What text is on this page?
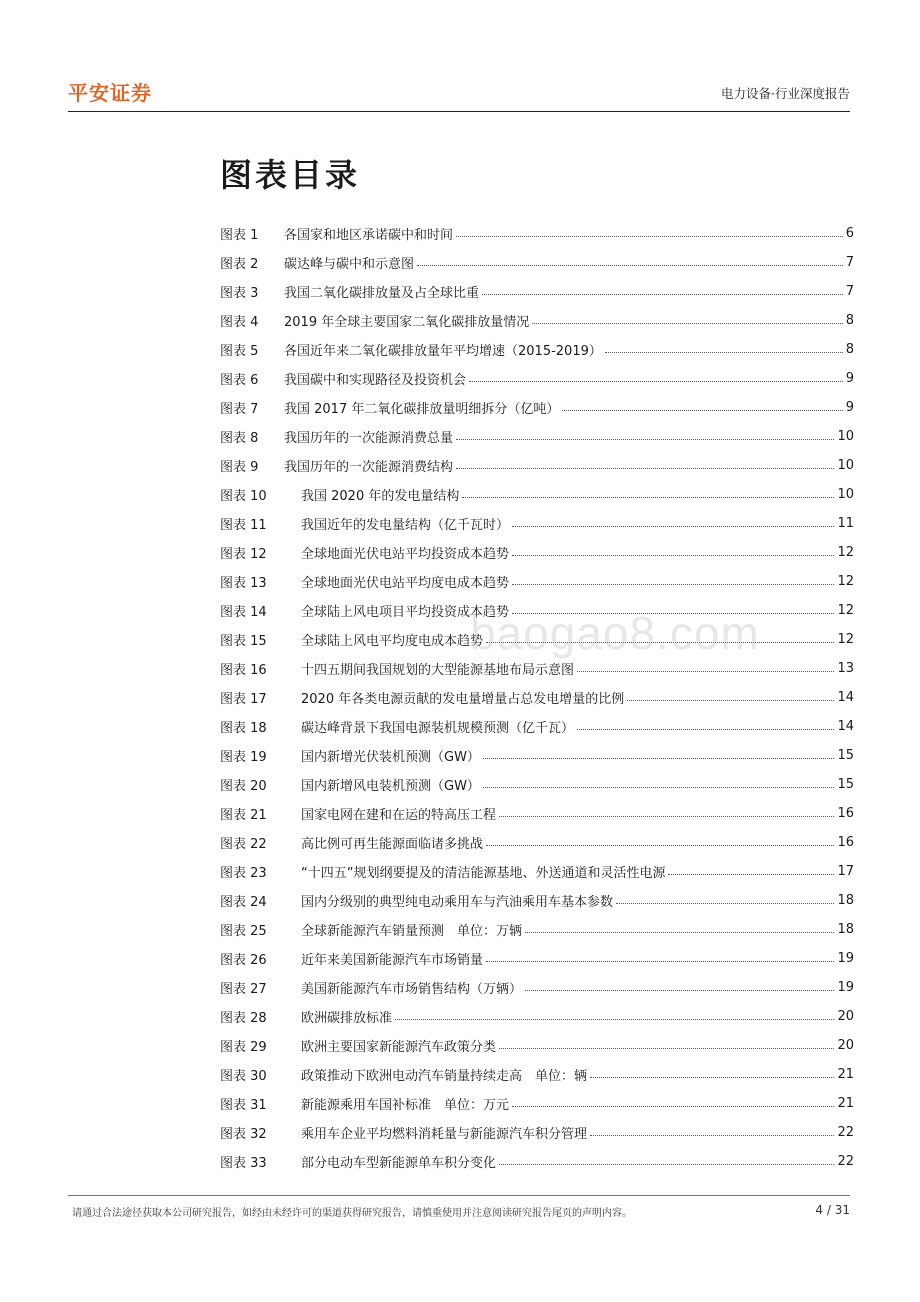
平安证券	电力设备·行业深度报告
图表目录
图表 1	各国家和地区承诺碳中和时间	6
图表 2	碳达峰与碳中和示意图	7
图表 3	我国二氧化碳排放量及占全球比重	7
图表 4	2019 年全球主要国家二氧化碳排放量情况	8
图表 5	各国近年来二氧化碳排放量年平均增速（2015-2019）	8
图表 6	我国碳中和实现路径及投资机会	9
图表 7	我国 2017 年二氧化碳排放量明细拆分（亿吨）	9
图表 8	我国历年的一次能源消费总量	10
图表 9	我国历年的一次能源消费结构	10
图表 10	我国 2020 年的发电量结构	10
图表 11	我国近年的发电量结构（亿千瓦时）	11
图表 12	全球地面光伏电站平均投资成本趋势	12
图表 13	全球地面光伏电站平均度电成本趋势	12
图表 14	全球陆上风电项目平均投资成本趋势	12
图表 15	全球陆上风电平均度电成本趋势	12
图表 16	十四五期间我国规划的大型能源基地布局示意图	13
图表 17	2020 年各类电源贡献的发电量增量占总发电增量的比例	14
图表 18	碳达峰背景下我国电源装机规模预测（亿千瓦）	14
图表 19	国内新增光伏装机预测（GW）	15
图表 20	国内新增风电装机预测（GW）	15
图表 21	国家电网在建和在运的特高压工程	16
图表 22	高比例可再生能源面临诸多挑战	16
图表 23	“十四五”规划纲要提及的清洁能源基地、外送通道和灵活性电源	17
图表 24	国内分级别的典型纯电动乘用车与汽油乘用车基本参数	18
图表 25	全球新能源汽车销量预测　单位：万辆	18
图表 26	近年来美国新能源汽车市场销量	19
图表 27	美国新能源汽车市场销售结构（万辆）	19
图表 28	欧洲碳排放标准	20
图表 29	欧洲主要国家新能源汽车政策分类	20
图表 30	政策推动下欧洲电动汽车销量持续走高　单位：辆	21
图表 31	新能源乘用车国补标准　单位：万元	21
图表 32	乘用车企业平均燃料消耗量与新能源汽车积分管理	22
图表 33	部分电动车型新能源单车积分变化	22
baogao8.com
请通过合法途径获取本公司研究报告，如经由未经许可的渠道获得研究报告，请慎重使用并注意阅读研究报告尾页的声明内容。	4 / 31
